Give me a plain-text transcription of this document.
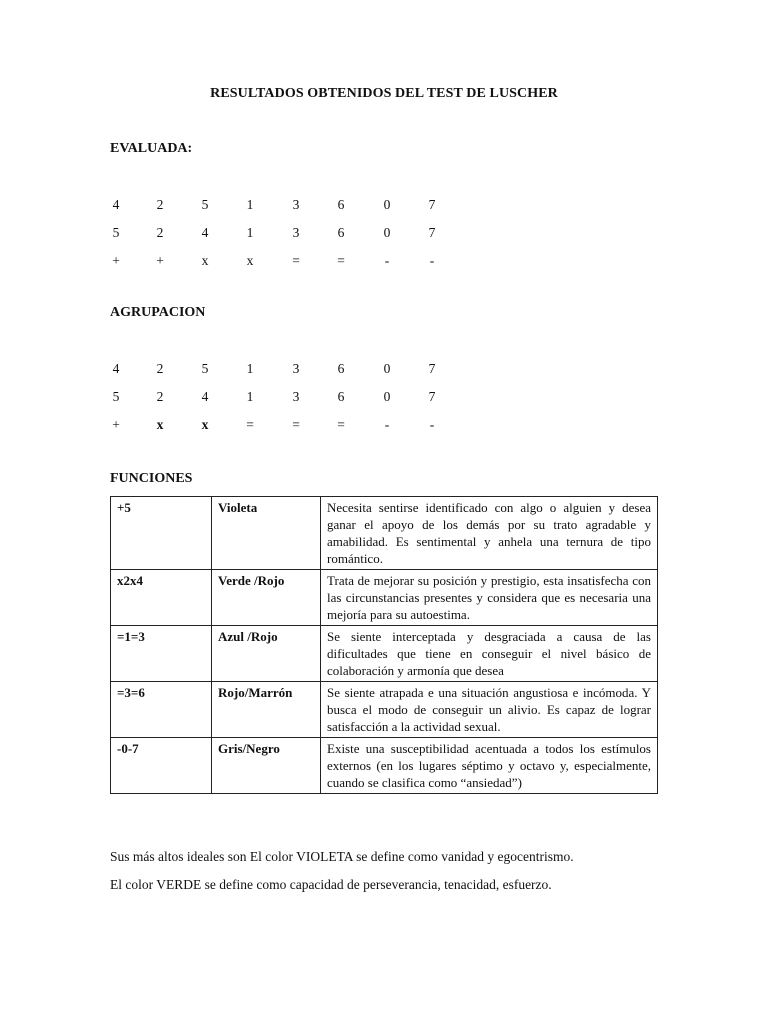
RESULTADOS OBTENIDOS DEL TEST DE LUSCHER
EVALUADA:
4	2	5	1	3	6	0	7
5	2	4	1	3	6	0	7
+	+	x	x	=	=	-	-
AGRUPACION
4	2	5	1	3	6	0	7
5	2	4	1	3	6	0	7
+	x	x	=	=	=	-	-
FUNCIONES
+5	Violeta	Necesita sentirse identificado con algo o alguien y desea ganar el apoyo de los demás por su trato agradable y amabilidad. Es sentimental y anhela una ternura de tipo romántico.
x2x4	Verde /Rojo	Trata de mejorar su posición y prestigio, esta insatisfecha con las circunstancias presentes y considera que es necesaria una mejoría para su autoestima.
=1=3	Azul /Rojo	Se siente interceptada y desgraciada a causa de las dificultades que tiene en conseguir el nivel básico de colaboración y armonía que desea
=3=6	Rojo/Marrón	Se siente atrapada e una situación angustiosa e incómoda. Y busca el modo de conseguir un alivio. Es capaz de lograr satisfacción a la actividad sexual.
-0-7	Gris/Negro	Existe una susceptibilidad acentuada a todos los estímulos externos (en los lugares séptimo y octavo y, especialmente, cuando se clasifica como “ansiedad”)
Sus más altos ideales son El color VIOLETA se define como vanidad y egocentrismo.
El color VERDE se define como capacidad de perseverancia, tenacidad, esfuerzo.
